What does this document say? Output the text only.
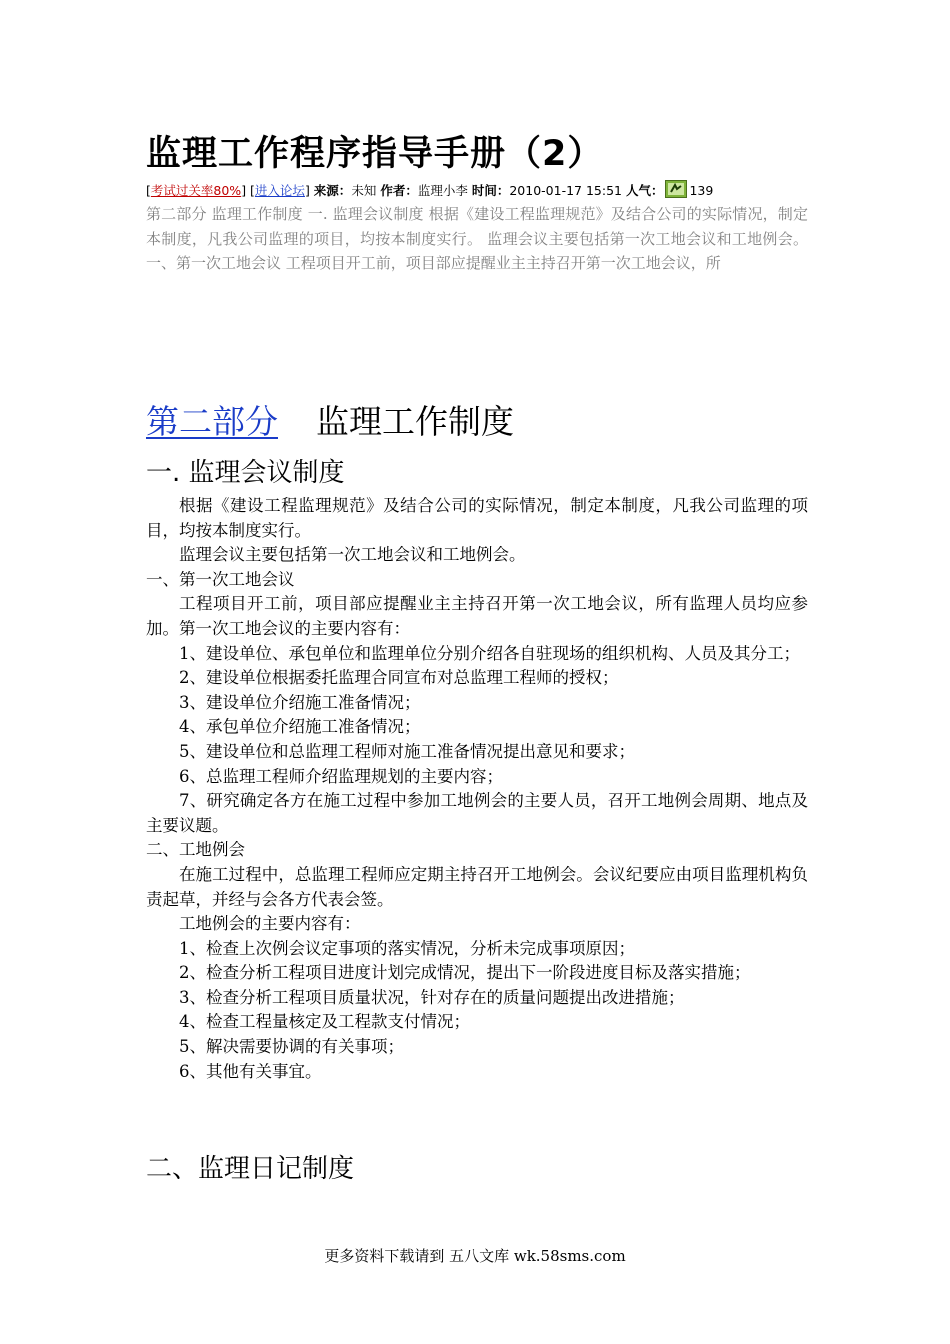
监理工作程序指导手册（2）
[考试过关率80%] [进入论坛] 来源：未知 作者：监理小李 时间：2010-01-17 15:51 人气： 139
第二部分 监理工作制度 一. 监理会议制度 根据《建设工程监理规范》及结合公司的实际情况，制定本制度，凡我公司监理的项目，均按本制度实行。 监理会议主要包括第一次工地会议和工地例会。 一、第一次工地会议 工程项目开工前，项目部应提醒业主主持召开第一次工地会议，所
第二部分 监理工作制度
一. 监理会议制度

根据《建设工程监理规范》及结合公司的实际情况，制定本制度，凡我公司监理的项目，均按本制度实行。

监理会议主要包括第一次工地会议和工地例会。

一、第一次工地会议

工程项目开工前，项目部应提醒业主主持召开第一次工地会议，所有监理人员均应参加。第一次工地会议的主要内容有：

1、建设单位、承包单位和监理单位分别介绍各自驻现场的组织机构、人员及其分工；

2、建设单位根据委托监理合同宣布对总监理工程师的授权；

3、建设单位介绍施工准备情况；

4、承包单位介绍施工准备情况；

5、建设单位和总监理工程师对施工准备情况提出意见和要求；

6、总监理工程师介绍监理规划的主要内容；

7、研究确定各方在施工过程中参加工地例会的主要人员，召开工地例会周期、地点及主要议题。

二、工地例会

在施工过程中，总监理工程师应定期主持召开工地例会。会议纪要应由项目监理机构负责起草，并经与会各方代表会签。

工地例会的主要内容有：

1、检查上次例会议定事项的落实情况，分析未完成事项原因；

2、检查分析工程项目进度计划完成情况，提出下一阶段进度目标及落实措施；

3、检查分析工程项目质量状况，针对存在的质量问题提出改进措施；

4、检查工程量核定及工程款支付情况；

5、解决需要协调的有关事项；

6、其他有关事宜。

二、监理日记制度
更多资料下载请到 五八文库 wk.58sms.com
